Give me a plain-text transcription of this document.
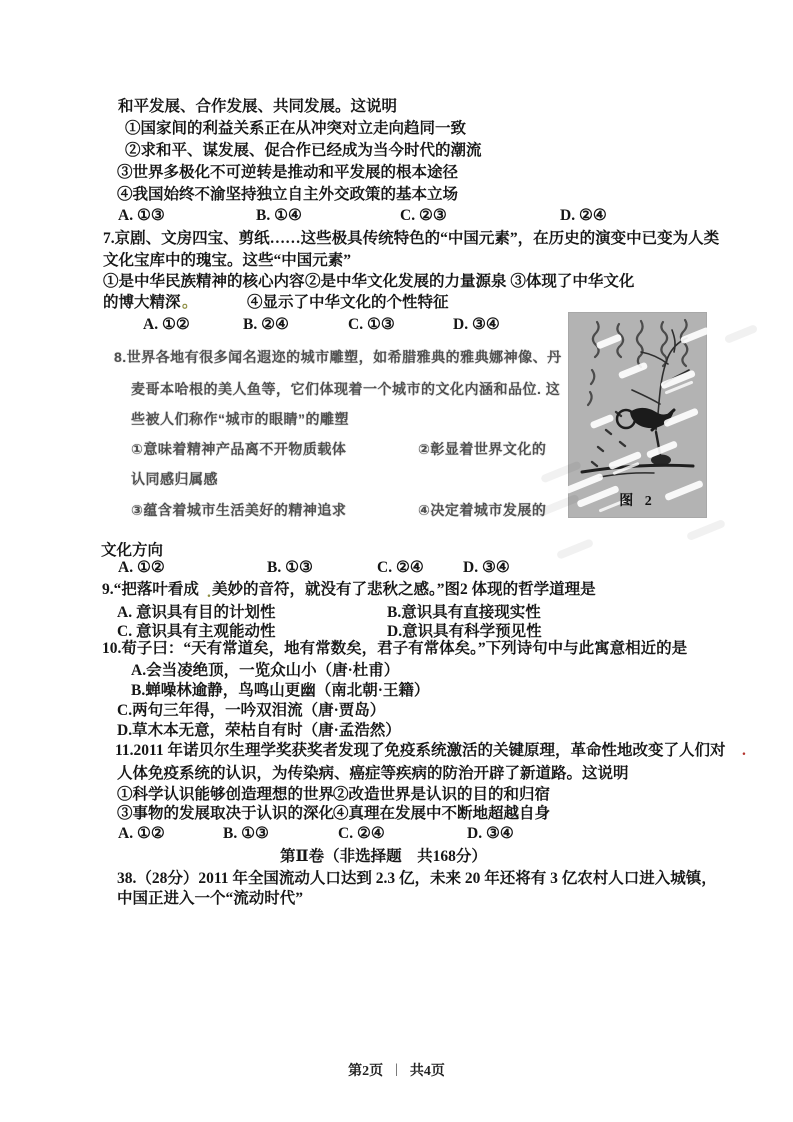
和平发展、合作发展、共同发展。这说明
①国家间的利益关系正在从冲突对立走向趋同一致
②求和平、谋发展、促合作已经成为当今时代的潮流
③世界多极化不可逆转是推动和平发展的根本途径
④我国始终不渝坚持独立自主外交政策的基本立场
A. ①③	B. ①④	C. ②③	D. ②④
7.京剧、文房四宝、剪纸……这些极具传统特色的“中国元素”，在历史的演变中已变为人类
文化宝库中的瑰宝。这些“中国元素”
①是中华民族精神的核心内容 ②是中华文化发展的力量源泉 ③体现了中华文化
的博大精深 。	④显示了中华文化的个性特征
A. ①②	B. ②④	C. ①③	D. ③④
8.世界各地有很多闻名遐迩的城市雕塑，如希腊雅典的雅典娜神像、丹
麦哥本哈根的美人鱼等，它们体现着一个城市的文化内涵和品位. 这
些被人们称作“城市的眼睛”的雕塑
①意味着精神产品离不开物质载体	②彰显着世界文化的
认同感归属感
③蕴含着城市生活美好的精神追求	④决定着城市发展的
文化方向
A. ①②	B. ①③	C. ②④	D. ③④
9.“把落叶看成 . 美妙的音符，就没有了悲秋之感。”图2 体现的哲学道理是
A. 意识具有目的计划性	B.意识具有直接现实性
C. 意识具有主观能动性	D.意识具有科学预见性
10.荀子曰：“天有常道矣，地有常数矣，君子有常体矣。”下列诗句中与此寓意相近的是
A.会当凌绝顶，一览众山小（唐·杜甫）
B.蝉噪林逾静，鸟鸣山更幽（南北朝·王籍）
C.两句三年得，一吟双泪流（唐·贾岛）
D.草木本无意，荣枯自有时（唐·孟浩然）
11.2011 年诺贝尔生理学奖获奖者发现了免疫系统激活的关键原理，革命性地改变了人们对 .
人体免疫系统的认识，为传染病、癌症等疾病的防治开辟了新道路。这说明
①科学认识能够创造理想的世界
②改造世界是认识的目的和归宿
③事物的发展取决于认识的深化
④真理在发展中不断地超越自身
A. ①②	B. ①③	C. ②④	D. ③④
第Ⅱ卷（非选择题　共168分）
38.（28分）2011 年全国流动人口达到 2.3 亿，未来 20 年还将有 3 亿农村人口进入城镇，
中国正进入一个“流动时代”
图 2
第2页 | 共4页
